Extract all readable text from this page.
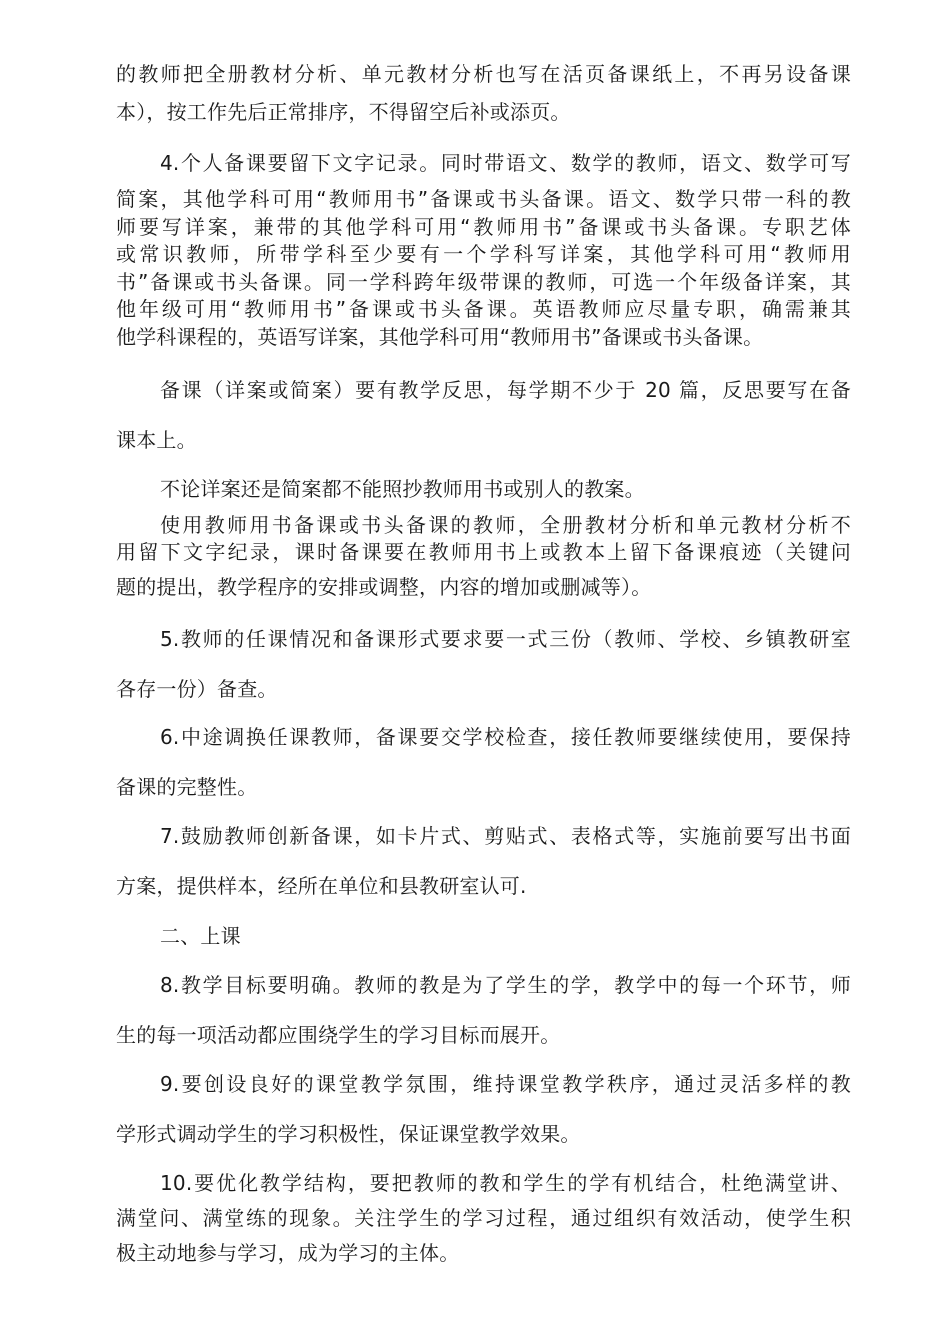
的教师把全册教材分析、单元教材分析也写在活页备课纸上，不再另设备课
本），按工作先后正常排序，不得留空后补或添页。
4.个人备课要留下文字记录。同时带语文、数学的教师，语文、数学可写
简案，其他学科可用“教师用书”备课或书头备课。语文、数学只带一科的教
师要写详案，兼带的其他学科可用“教师用书”备课或书头备课。专职艺体
或常识教师，所带学科至少要有一个学科写详案，其他学科可用“教师用
书”备课或书头备课。同一学科跨年级带课的教师，可选一个年级备详案，其
他年级可用“教师用书”备课或书头备课。英语教师应尽量专职，确需兼其
他学科课程的，英语写详案，其他学科可用“教师用书”备课或书头备课。
备课（详案或简案）要有教学反思，每学期不少于 20 篇，反思要写在备
课本上。
不论详案还是简案都不能照抄教师用书或别人的教案。
使用教师用书备课或书头备课的教师，全册教材分析和单元教材分析不
用留下文字纪录，课时备课要在教师用书上或教本上留下备课痕迹（关键问
题的提出，教学程序的安排或调整，内容的增加或删减等）。
5.教师的任课情况和备课形式要求要一式三份（教师、学校、乡镇教研室
各存一份）备查。
6.中途调换任课教师，备课要交学校检查，接任教师要继续使用，要保持
备课的完整性。
7.鼓励教师创新备课，如卡片式、剪贴式、表格式等，实施前要写出书面
方案，提供样本，经所在单位和县教研室认可.
二、上课
8.教学目标要明确。教师的教是为了学生的学，教学中的每一个环节，师
生的每一项活动都应围绕学生的学习目标而展开。
9.要创设良好的课堂教学氛围，维持课堂教学秩序，通过灵活多样的教
学形式调动学生的学习积极性，保证课堂教学效果。
10.要优化教学结构，要把教师的教和学生的学有机结合，杜绝满堂讲、
满堂问、满堂练的现象。关注学生的学习过程，通过组织有效活动，使学生积
极主动地参与学习，成为学习的主体。
